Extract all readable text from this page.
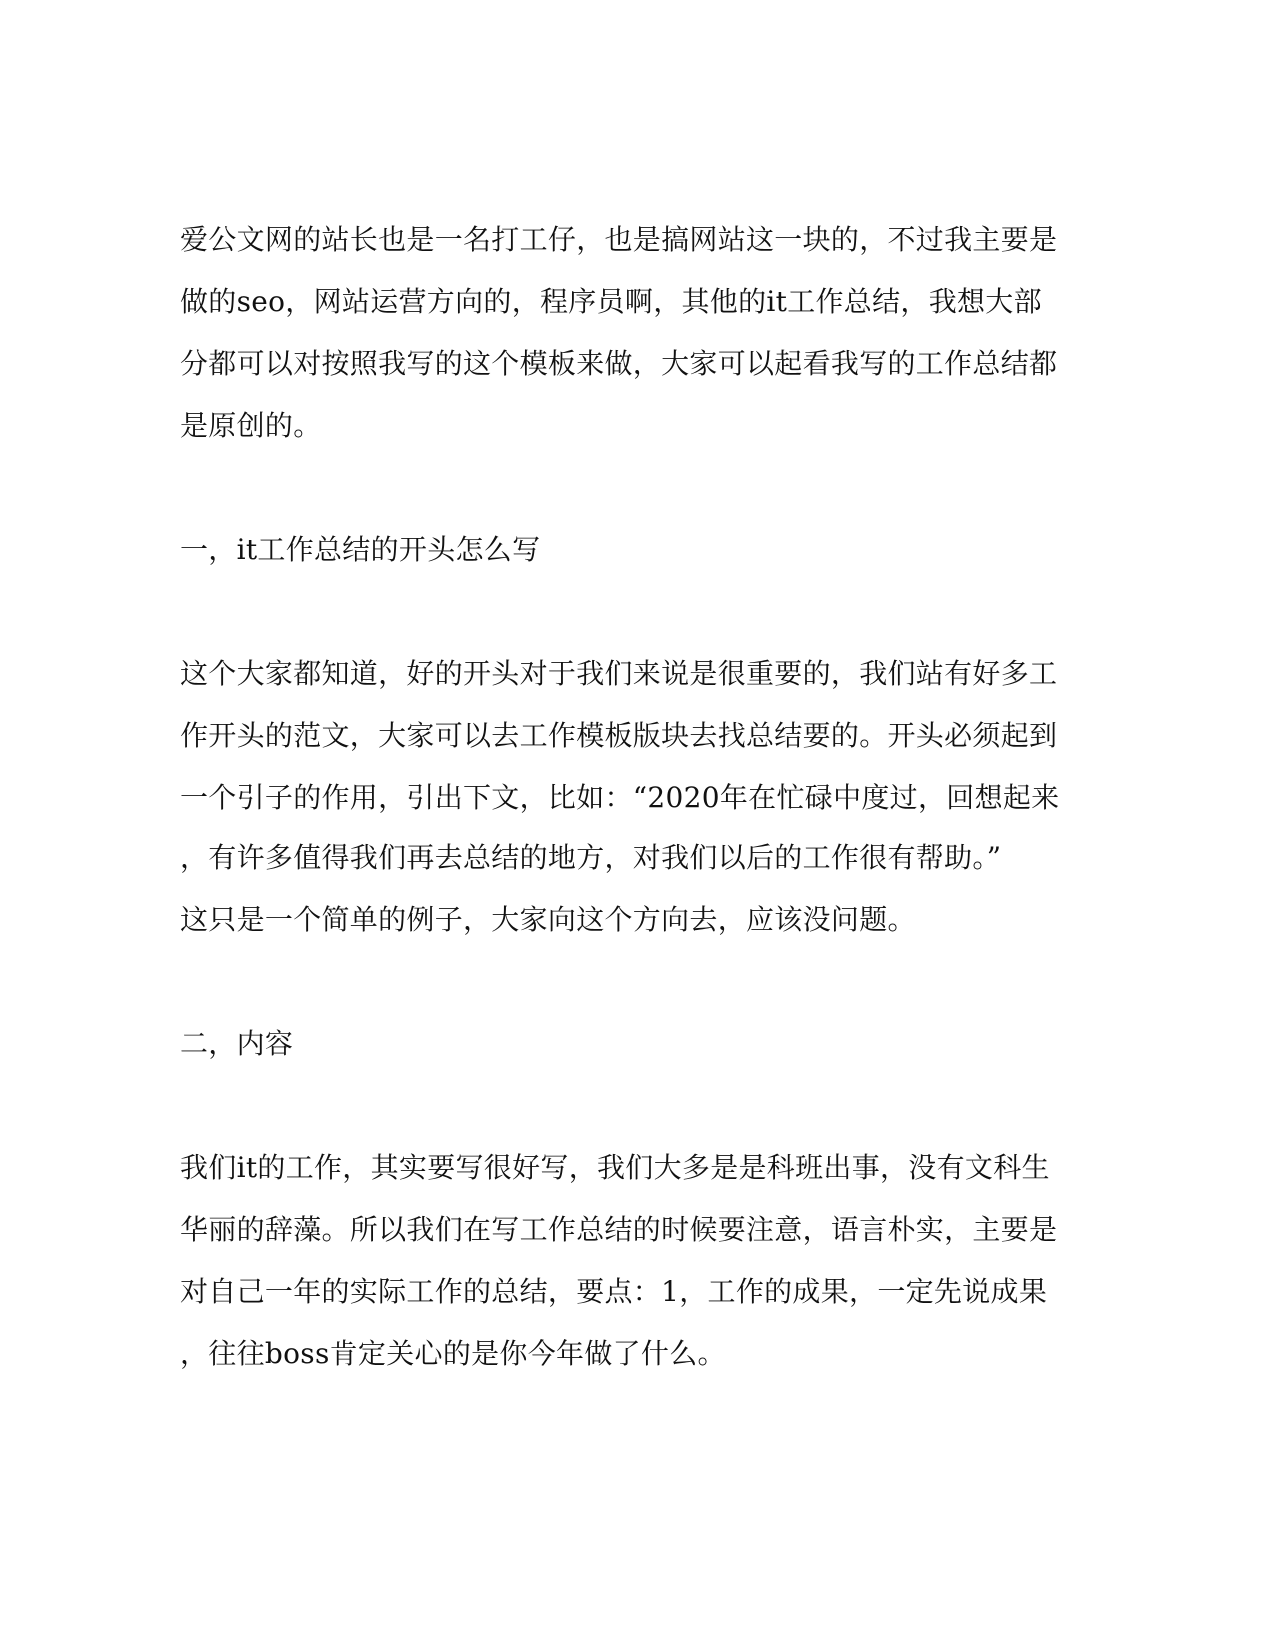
爱公文网的站长也是一名打工仔，也是搞网站这一块的，不过我主要是
做的seo，网站运营方向的，程序员啊，其他的it工作总结，我想大部
分都可以对按照我写的这个模板来做，大家可以起看我写的工作总结都
是原创的。
一，it工作总结的开头怎么写
这个大家都知道，好的开头对于我们来说是很重要的，我们站有好多工
作开头的范文，大家可以去工作模板版块去找总结要的。开头必须起到
一个引子的作用，引出下文，比如：“2020年在忙碌中度过，回想起来
，有许多值得我们再去总结的地方，对我们以后的工作很有帮助。”
这只是一个简单的例子，大家向这个方向去，应该没问题。
二，内容
我们it的工作，其实要写很好写，我们大多是是科班出事，没有文科生
华丽的辞藻。所以我们在写工作总结的时候要注意，语言朴实，主要是
对自己一年的实际工作的总结，要点：1，工作的成果，一定先说成果
，往往boss肯定关心的是你今年做了什么。
